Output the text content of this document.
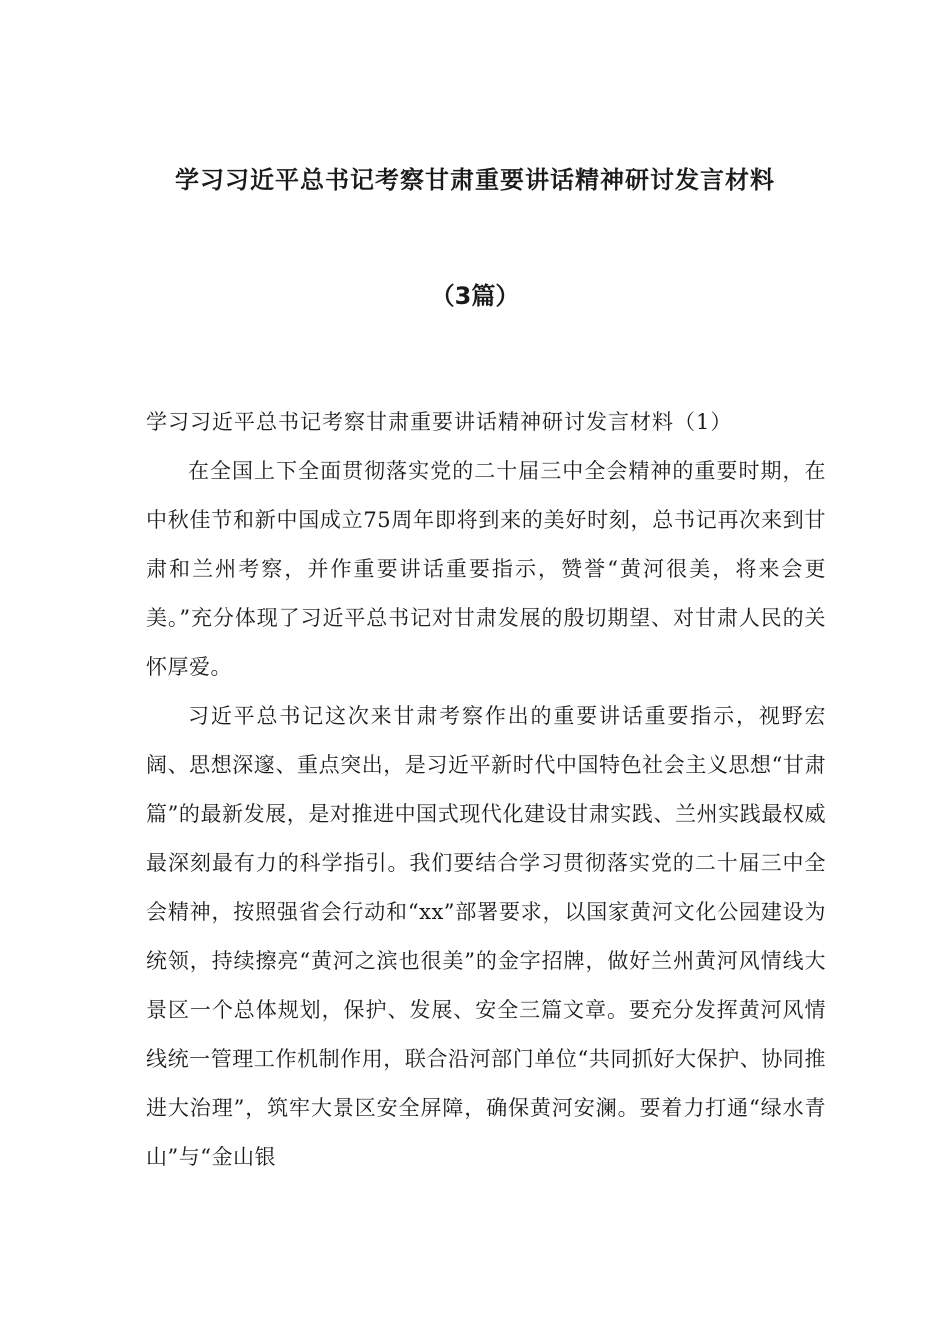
学习习近平总书记考察甘肃重要讲话精神研讨发言材料
（3篇）

学习习近平总书记考察甘肃重要讲话精神研讨发言材料（1）

在全国上下全面贯彻落实党的二十届三中全会精神的重要时期，在中秋佳节和新中国成立75周年即将到来的美好时刻，总书记再次来到甘肃和兰州考察，并作重要讲话重要指示，赞誉“黄河很美，将来会更美。”充分体现了习近平总书记对甘肃发展的殷切期望、对甘肃人民的关怀厚爱。

习近平总书记这次来甘肃考察作出的重要讲话重要指示，视野宏阔、思想深邃、重点突出，是习近平新时代中国特色社会主义思想“甘肃篇”的最新发展，是对推进中国式现代化建设甘肃实践、兰州实践最权威最深刻最有力的科学指引。我们要结合学习贯彻落实党的二十届三中全会精神，按照强省会行动和“xx”部署要求，以国家黄河文化公园建设为统领，持续擦亮“黄河之滨也很美”的金字招牌，做好兰州黄河风情线大景区一个总体规划，保护、发展、安全三篇文章。要充分发挥黄河风情线统一管理工作机制作用，联合沿河部门单位“共同抓好大保护、协同推进大治理”，筑牢大景区安全屏障，确保黄河安澜。要着力打通“绿水青山”与“金山银
